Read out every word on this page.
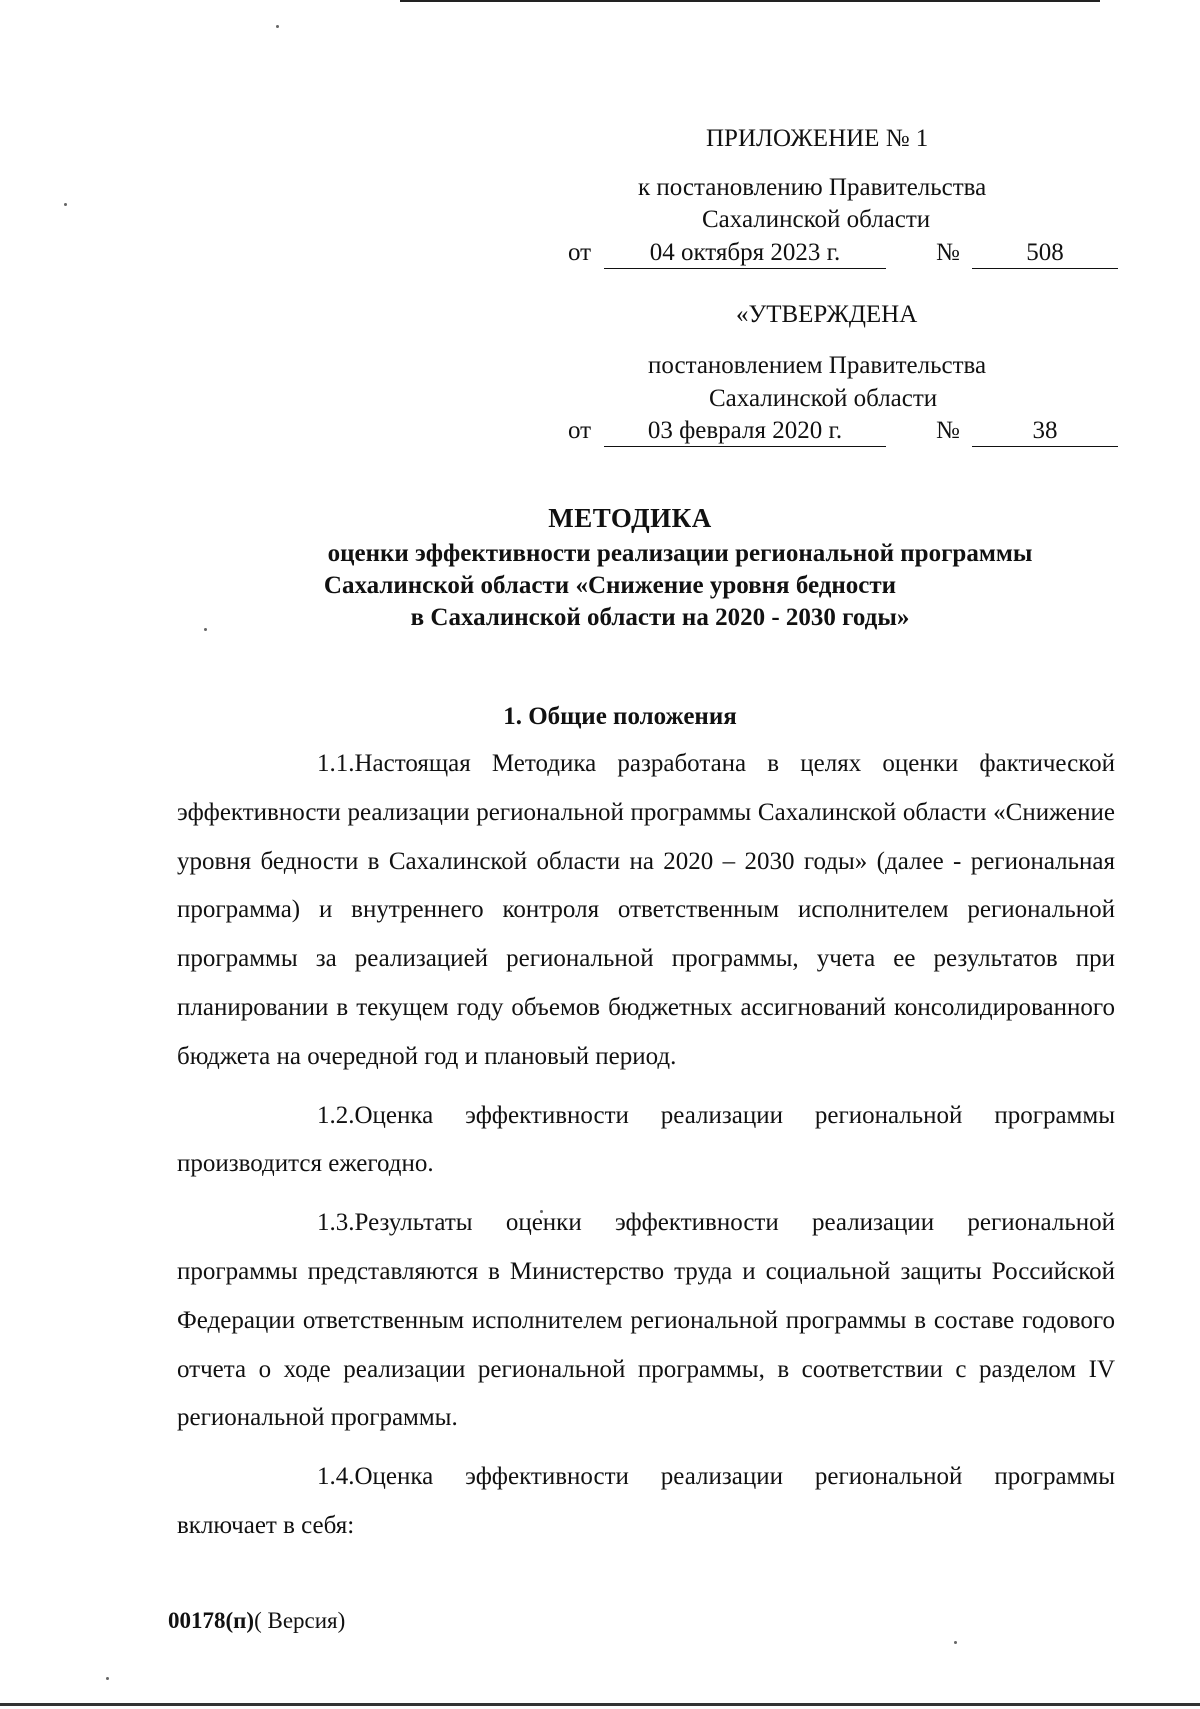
ПРИЛОЖЕНИЕ № 1
к постановлению Правительства
Сахалинской области
от	04 октября 2023 г.	№	508
«УТВЕРЖДЕНА
постановлением Правительства
Сахалинской области
от	03 февраля 2020 г.	№	38
МЕТОДИКА
оценки эффективности реализации региональной программы
Сахалинской области «Снижение уровня бедности
в Сахалинской области на 2020 - 2030 годы»
1. Общие положения

1.1.Настоящая Методика разработана в целях оценки фактической эффективности реализации региональной программы Сахалинской области «Снижение уровня бедности в Сахалинской области на 2020 – 2030 годы» (далее - региональная программа) и внутреннего контроля ответственным исполнителем региональной программы за реализацией региональной программы, учета ее результатов при планировании в текущем году объемов бюджетных ассигнований консолидированного бюджета на очередной год и плановый период.

1.2.Оценка эффективности реализации региональной программы производится ежегодно.

1.3.Результаты оценки эффективности реализации региональной программы представляются в Министерство труда и социальной защиты Российской Федерации ответственным исполнителем региональной программы в составе годового отчета о ходе реализации региональной программы, в соответствии с разделом IV региональной программы.

1.4.Оценка эффективности реализации региональной программы включает в себя:

00178(п)( Версия)
